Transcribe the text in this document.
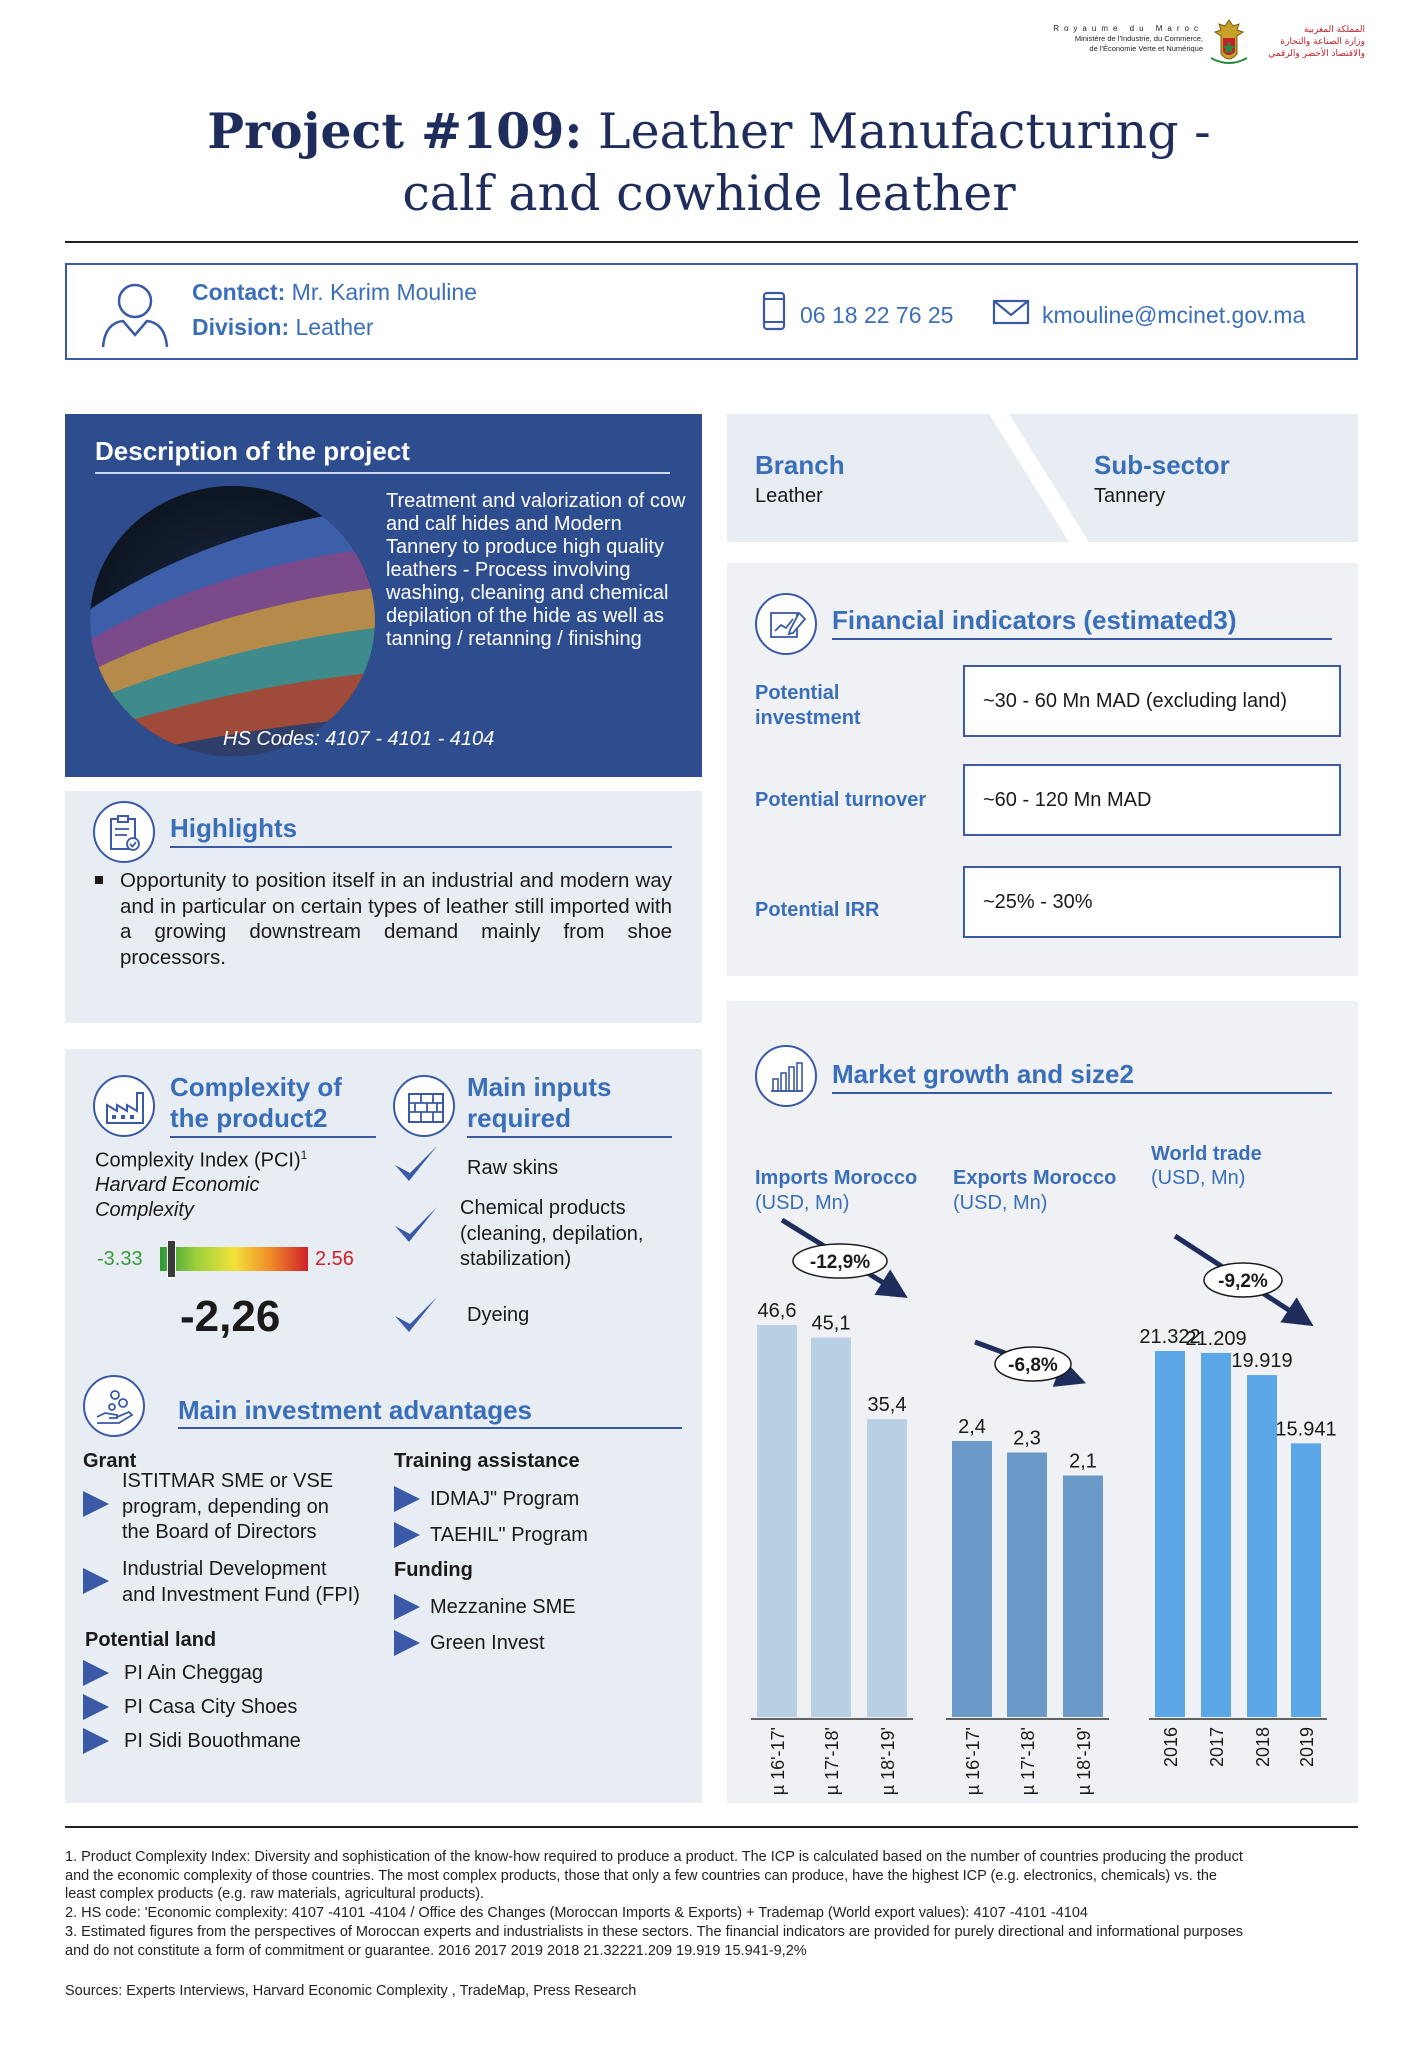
Royaume du Maroc
Ministère de l'Industrie, du Commerce,
de l'Économie Verte et Numérique
المملكة المغربية
وزارة الصناعة والتجارة
والاقتصاد الأخضر والرقمي
Project #109: Leather Manufacturing -
calf and cowhide leather
Contact: Mr. Karim Mouline
Division: Leather	06 18 22 76 25	kmouline@mcinet.gov.ma
Description of the project
Treatment and valorization of cow and calf hides and Modern Tannery to produce high quality leathers - Process involving washing, cleaning and chemical depilation of the hide as well as tanning / retanning / finishing
HS Codes: 4107 - 4101 - 4104
Highlights
Opportunity to position itself in an industrial and modern way and in particular on certain types of leather still imported with a growing downstream demand mainly from shoe processors.
Complexity of
the product2
Complexity Index (PCI)$^1$
Harvard Economic
Complexity
-3.33	2.56
-2,26
Main inputs
required
Raw skins
Chemical products
(cleaning, depilation,
stabilization)
Dyeing
Main investment advantages
Grant
ISTITMAR SME or VSE
program, depending on
the Board of Directors
Industrial Development
and Investment Fund (FPI)
Potential land
PI Ain Cheggag
PI Casa City Shoes
PI Sidi Bouothmane
Training assistance
IDMAJ" Program
TAEHIL" Program
Funding
Mezzanine SME
Green Invest
Branch
Leather
Sub-sector
Tannery
Financial indicators (estimated3)
Potential
investment
~30 - 60 Mn MAD (excluding land)
Potential turnover	~60 - 120 Mn MAD
Potential IRR	~25% - 30%
Market growth and size2
Imports Morocco
(USD, Mn)
46,6
µ 16'-17'
45,1
µ 17'-18'
35,4
µ 18'-19'
-12,9%
Exports Morocco
(USD, Mn)
2,4
µ 16'-17'
2,3
µ 17'-18'
2,1
µ 18'-19'
-6,8%
World trade
(USD, Mn)
21.322
2016
21.209
2017
19.919
2018
15.941
2019
-9,2%
1. Product Complexity Index: Diversity and sophistication of the know-how required to produce a product. The ICP is calculated based on the number of countries producing the product
and the economic complexity of those countries. The most complex products, those that only a few countries can produce, have the highest ICP (e.g. electronics, chemicals) vs. the
least complex products (e.g. raw materials, agricultural products).
2. HS code: 'Economic complexity: 4107 -4101 -4104 / Office des Changes (Moroccan Imports & Exports) + Trademap (World export values): 4107 -4101 -4104
3. Estimated figures from the perspectives of Moroccan experts and industrialists in these sectors. The financial indicators are provided for purely directional and informational purposes
and do not constitute a form of commitment or guarantee. 2016 2017 2019 2018 21.32221.209 19.919 15.941-9,2%
Sources: Experts Interviews, Harvard Economic Complexity , TradeMap, Press Research
